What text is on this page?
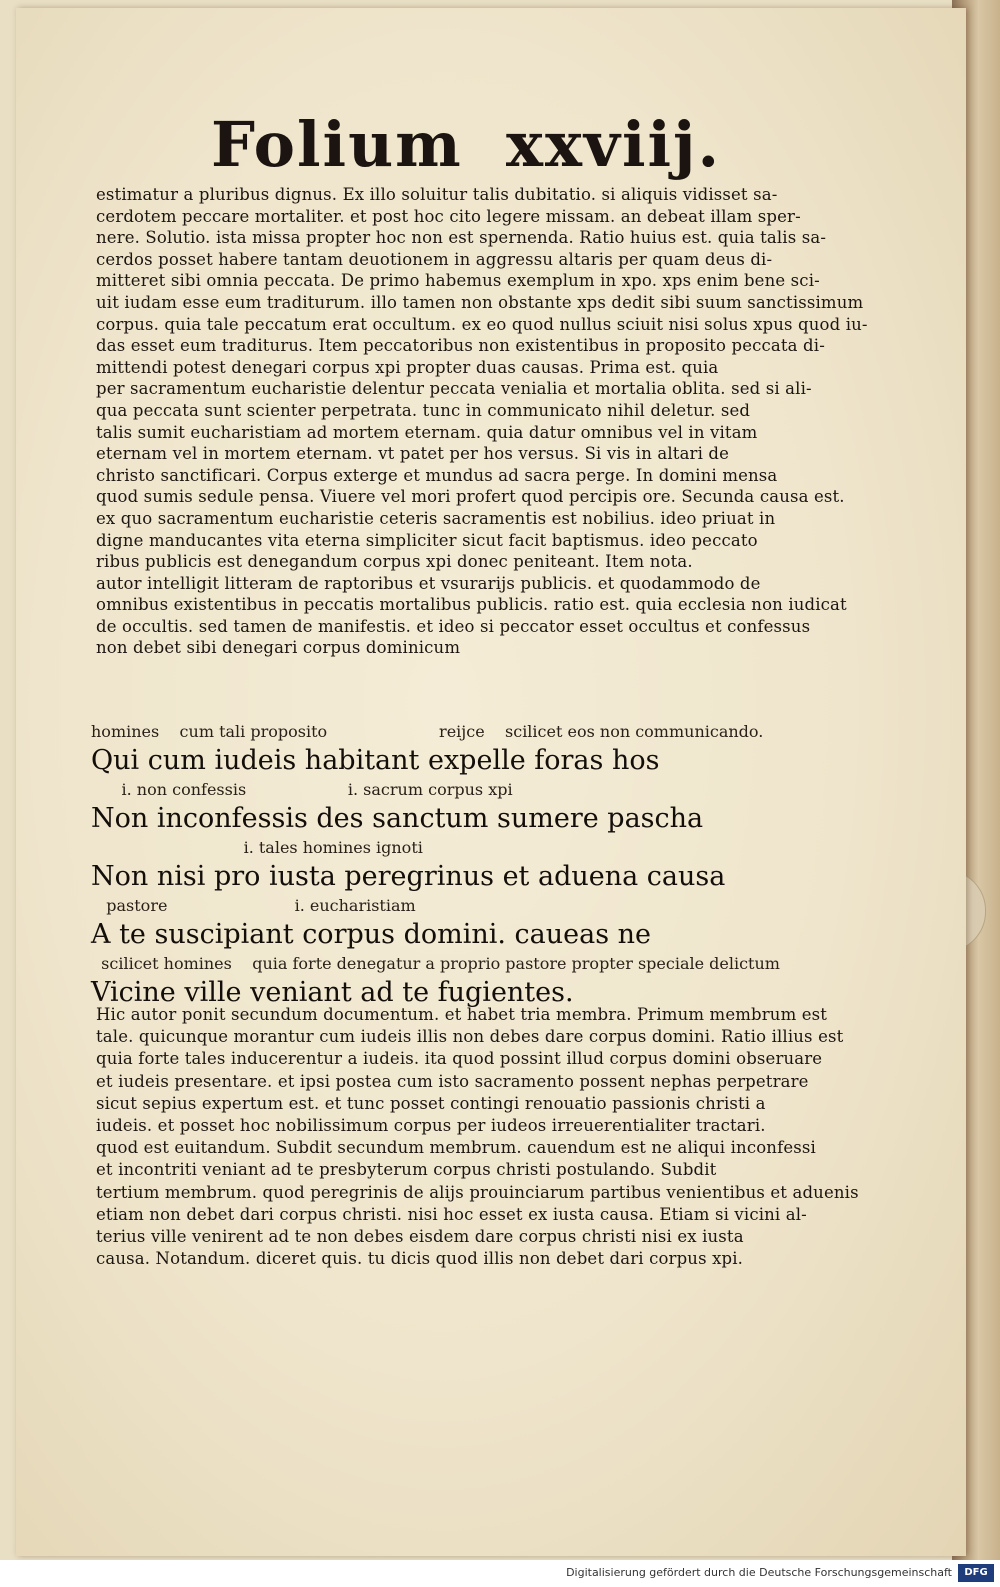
Folium xxviij.
estimatur a pluribus dignus. Ex illo soluitur talis dubitatio. si aliquis vidisset sa-
cerdotem peccare mortaliter. et post hoc cito legere missam. an debeat illam sper-
nere. Solutio. ista missa propter hoc non est spernenda. Ratio huius est. quia talis sa-
cerdos posset habere tantam deuotionem in aggressu altaris per quam deus di-
mitteret sibi omnia peccata. De primo habemus exemplum in xpo. xps enim bene sci-
uit iudam esse eum traditurum. illo tamen non obstante xps dedit sibi suum sanctissimum
corpus. quia tale peccatum erat occultum. ex eo quod nullus sciuit nisi solus xpus quod iu-
das esset eum traditurus. Item peccatoribus non existentibus in proposito peccata di-
mittendi potest denegari corpus xpi propter duas causas. Prima est. quia
per sacramentum eucharistie delentur peccata venialia et mortalia oblita. sed si ali-
qua peccata sunt scienter perpetrata. tunc in communicato nihil deletur. sed
talis sumit eucharistiam ad mortem eternam. quia datur omnibus vel in vitam
eternam vel in mortem eternam. vt patet per hos versus. Si vis in altari de
christo sanctificari. Corpus exterge et mundus ad sacra perge. In domini mensa
quod sumis sedule pensa. Viuere vel mori profert quod percipis ore. Secunda causa est.
ex quo sacramentum eucharistie ceteris sacramentis est nobilius. ideo priuat in
digne manducantes vita eterna simpliciter sicut facit baptismus. ideo peccato
ribus publicis est denegandum corpus xpi donec peniteant. Item nota.
autor intelligit litteram de raptoribus et vsurarijs publicis. et quodammodo de
omnibus existentibus in peccatis mortalibus publicis. ratio est. quia ecclesia non iudicat
de occultis. sed tamen de manifestis. et ideo si peccator esset occultus et confessus
non debet sibi denegari corpus dominicum
homines    cum tali proposito                      reijce    scilicet eos non communicando.
Qui cum iudeis habitant expelle foras hos
i. non confessis                    i. sacrum corpus xpi
Non inconfessis des sanctum sumere pascha
i. tales homines ignoti
Non nisi pro iusta peregrinus et aduena causa
pastore                         i. eucharistiam
A te suscipiant corpus domini. caueas ne
scilicet homines    quia forte denegatur a proprio pastore propter speciale delictum
Vicine ville veniant ad te fugientes.
Hic autor ponit secundum documentum. et habet tria membra. Primum membrum est
tale. quicunque morantur cum iudeis illis non debes dare corpus domini. Ratio illius est
quia forte tales inducerentur a iudeis. ita quod possint illud corpus domini obseruare
et iudeis presentare. et ipsi postea cum isto sacramento possent nephas perpetrare
sicut sepius expertum est. et tunc posset contingi renouatio passionis christi a
iudeis. et posset hoc nobilissimum corpus per iudeos irreuerentialiter tractari.
quod est euitandum. Subdit secundum membrum. cauendum est ne aliqui inconfessi
et incontriti veniant ad te presbyterum corpus christi postulando. Subdit
tertium membrum. quod peregrinis de alijs prouinciarum partibus venientibus et aduenis
etiam non debet dari corpus christi. nisi hoc esset ex iusta causa. Etiam si vicini al-
terius ville venirent ad te non debes eisdem dare corpus christi nisi ex iusta
causa. Notandum. diceret quis. tu dicis quod illis non debet dari corpus xpi.
Digitalisierung gefördert durch die Deutsche Forschungsgemeinschaft	DFG
